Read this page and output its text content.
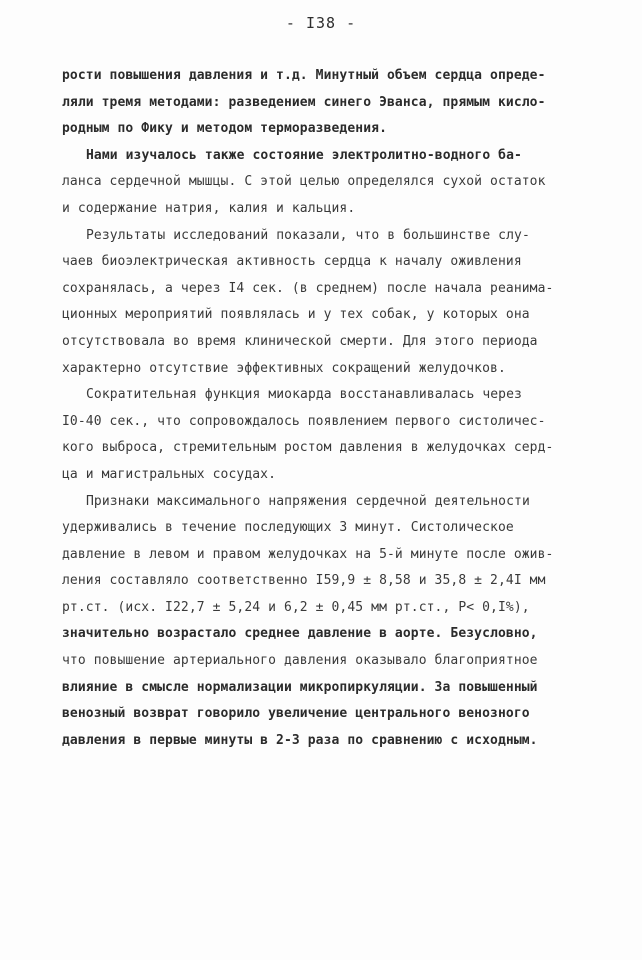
- I38 -
рости повышения давления и т.д. Минутный объем сердца опреде-
ляли тремя методами: разведением синего Эванса, прямым кисло-
родным по Фику и методом терморазведения.
Нами изучалось также состояние электролитно-водного ба-
ланса сердечной мышцы. С этой целью определялся сухой остаток
и содержание натрия, калия и кальция.
Результаты исследований показали, что в большинстве слу-
чаев биоэлектрическая активность сердца к началу оживления
сохранялась, а через I4 сек. (в среднем) после начала реанима-
ционных мероприятий появлялась и у тех собак, у которых она
отсутствовала во время клинической смерти. Для этого периода
характерно отсутствие эффективных сокращений желудочков.
Сократительная функция миокарда восстанавливалась через
I0-40 сек., что сопровождалось появлением первого систоличес-
кого выброса, стремительным ростом давления в желудочках серд-
ца и магистральных сосудах.
Признаки максимального напряжения сердечной деятельности
удерживались в течение последующих 3 минут. Систолическое
давление в левом и правом желудочках на 5-й минуте после ожив-
ления составляло соответственно I59,9 ± 8,58 и 35,8 ± 2,4I мм
рт.ст. (исх. I22,7 ± 5,24 и 6,2 ± 0,45 мм рт.ст., P< 0,I%),
значительно возрастало среднее давление в аорте. Безусловно,
что повышение артериального давления оказывало благоприятное
влияние в смысле нормализации микропиркуляции. За повышенный
венозный возврат говорило увеличение центрального венозного
давления в первые минуты в 2-3 раза по сравнению с исходным.
